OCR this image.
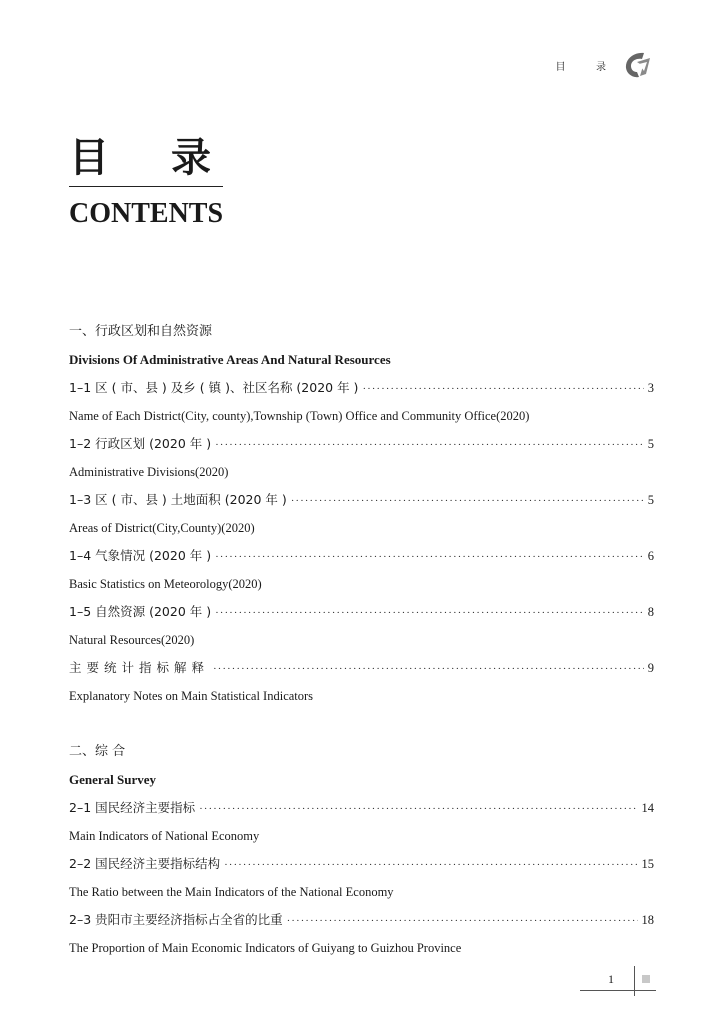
目 录
目录
CONTENTS
一、行政区划和自然资源
Divisions Of Administrative Areas And Natural Resources
1–1 区 ( 市、县 ) 及乡 ( 镇 )、社区名称 (2020 年 ) ·····	3
Name of Each District(City, county),Township (Town) Office and Community Office(2020)
1–2 行政区划 (2020 年 ) ·····	5
Administrative Divisions(2020)
1–3 区 ( 市、县 ) 土地面积 (2020 年 ) ·····	5
Areas of District(City,County)(2020)
1–4 气象情况 (2020 年 ) ·····	6
Basic Statistics on Meteorology(2020)
1–5 自然资源 (2020 年 ) ·····	8
Natural Resources(2020)
主要统计指标解释 ·····	9
Explanatory Notes on Main Statistical Indicators
二、综 合
General Survey
2–1 国民经济主要指标 ·····	14
Main Indicators of National Economy
2–2 国民经济主要指标结构 ·····	15
The Ratio between the Main Indicators of the National Economy
2–3 贵阳市主要经济指标占全省的比重 ·····	18
The Proportion of Main Economic Indicators of Guiyang to Guizhou Province
1
